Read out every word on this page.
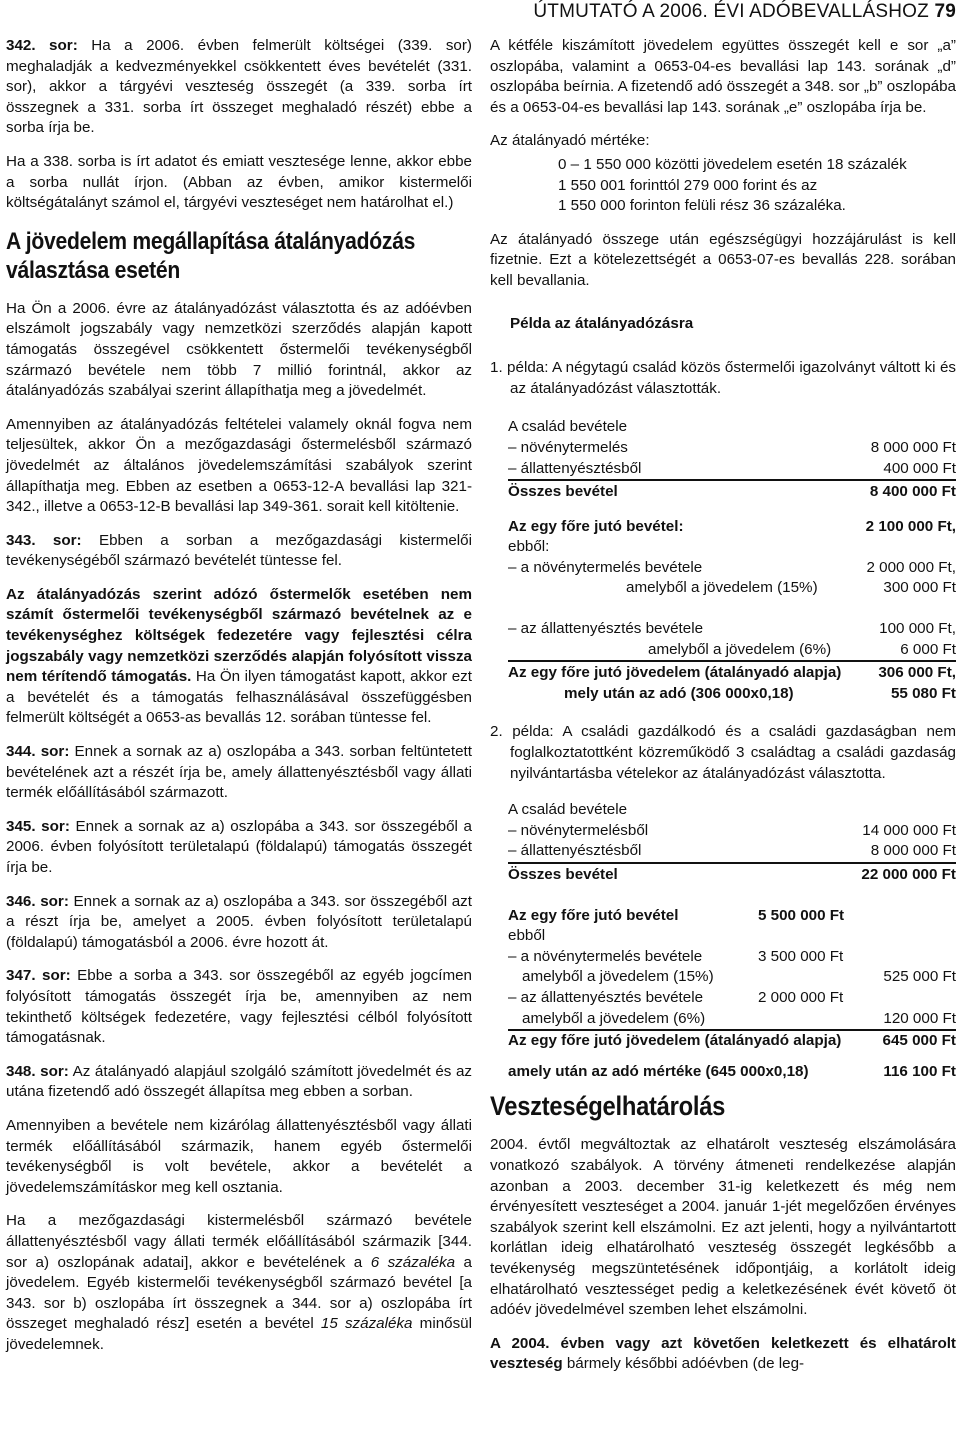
ÚTMUTATÓ A 2006. ÉVI ADÓBEVALLÁSHOZ 79

342. sor: Ha a 2006. évben felmerült költségei (339. sor) meghaladják a kedvezményekkel csökkentett éves bevételét (331. sor), akkor a tárgyévi veszteség összegét (a 339. sorba írt összegnek a 331. sorba írt összeget meghaladó részét) ebbe a sorba írja be.

Ha a 338. sorba is írt adatot és emiatt vesztesége lenne, akkor ebbe a sorba nullát írjon. (Abban az évben, amikor kistermelői költségátalányt számol el, tárgyévi veszteséget nem határolhat el.)

A jövedelem megállapítása átalányadózás választása esetén

Ha Ön a 2006. évre az átalányadózást választotta és az adóévben elszámolt jogszabály vagy nemzetközi szerződés alapján kapott támogatás összegével csökkentett őstermelői tevékenységből származó bevétele nem több 7 millió forintnál, akkor az átalányadózás szabályai szerint állapíthatja meg a jövedelmét.

Amennyiben az átalányadózás feltételei valamely oknál fogva nem teljesültek, akkor Ön a mezőgazdasági őstermelésből származó jövedelmét az általános jövedelemszámítási szabályok szerint állapíthatja meg. Ebben az esetben a 0653-12-A bevallási lap 321-342., illetve a 0653-12-B bevallási lap 349-361. sorait kell kitöltenie.

343. sor: Ebben a sorban a mezőgazdasági kistermelői tevékenységéből származó bevételét tüntesse fel.

Az átalányadózás szerint adózó őstermelők esetében nem számít őstermelői tevékenységből származó bevételnek az e tevékenységhez költségek fedezetére vagy fejlesztési célra jogszabály vagy nemzetközi szerződés alapján folyósított vissza nem térítendő támogatás. Ha Ön ilyen támogatást kapott, akkor ezt a bevételét és a támogatás felhasználásával összefüggésben felmerült költségét a 0653-as bevallás 12. sorában tüntesse fel.

344. sor: Ennek a sornak az a) oszlopába a 343. sorban feltüntetett bevételének azt a részét írja be, amely állattenyésztésből vagy állati termék előállításából származott.

345. sor: Ennek a sornak az a) oszlopába a 343. sor összegéből a 2006. évben folyósított területalapú (földalapú) támogatás összegét írja be.

346. sor: Ennek a sornak az a) oszlopába a 343. sor összegéből azt a részt írja be, amelyet a 2005. évben folyósított területalapú (földalapú) támogatásból a 2006. évre hozott át.

347. sor: Ebbe a sorba a 343. sor összegéből az egyéb jogcímen folyósított támogatás összegét írja be, amennyiben az nem tekinthető költségek fedezetére, vagy fejlesztési célból folyósított támogatásnak.

348. sor: Az átalányadó alapjául szolgáló számított jövedelmét és az utána fizetendő adó összegét állapítsa meg ebben a sorban.

Amennyiben a bevétele nem kizárólag állattenyésztésből vagy állati termék előállításából származik, hanem egyéb őstermelői tevékenységből is volt bevétele, akkor a bevételét a jövedelemszámításkor meg kell osztania.

Ha a mezőgazdasági kistermelésből származó bevétele állattenyésztésből vagy állati termék előállításából származik [344. sor a) oszlopának adatai], akkor e bevételének a 6 százaléka a jövedelem. Egyéb kistermelői tevékenységből származó bevétel [a 343. sor b) oszlopába írt összegnek a 344. sor a) oszlopába írt összeget meghaladó rész] esetén a bevétel 15 százaléka minősül jövedelemnek.

A kétféle kiszámított jövedelem együttes összegét kell e sor „a” oszlopába, valamint a 0653-04-es bevallási lap 143. sorának „d” oszlopába beírnia. A fizetendő adó összegét a 348. sor „b” oszlopába és a 0653-04-es bevallási lap 143. sorának „e” oszlopába írja be.

Az átalányadó mértéke:

0 – 1 550 000 közötti jövedelem esetén 18 százalék
1 550 001 forinttól 279 000 forint és az
1 550 000 forinton felüli rész 36 százaléka.

Az átalányadó összege után egészségügyi hozzájárulást is kell fizetnie. Ezt a kötelezettségét a 0653-07-es bevallás 228. sorában kell bevallania.

Példa az átalányadózásra

1. példa: A négytagú család közös őstermelői igazolványt váltott ki és az átalányadózást választották.

A család bevétele
– növénytermelés	8 000 000 Ft
– állattenyésztésből	400 000 Ft
Összes bevétel	8 400 000 Ft
Az egy főre jutó bevétel:	2 100 000 Ft,
ebből:
– a növénytermelés bevétele	2 000 000 Ft,
amelyből a jövedelem (15%)	300 000 Ft
– az állattenyésztés bevétele	100 000 Ft,
amelyből a jövedelem (6%)	6 000 Ft
Az egy főre jutó jövedelem (átalányadó alapja) 306 000 Ft,
mely után az adó (306 000x0,18)	55 080 Ft

2. példa: A családi gazdálkodó és a családi gazdaságban nem foglalkoztatottként közreműködő 3 családtag a családi gazdaság nyilvántartásba vételekor az átalányadózást választotta.

A család bevétele
– növénytermelésből	14 000 000 Ft
– állattenyésztésből	8 000 000 Ft
Összes bevétel	22 000 000 Ft
Az egy főre jutó bevétel	5 500 000 Ft	
ebből		
– a növénytermelés bevétele	3 500 000 Ft	
amelyből a jövedelem (15%)		525 000 Ft
– az állattenyésztés bevétele	2 000 000 Ft	
amelyből a jövedelem (6%)		120 000 Ft
Az egy főre jutó jövedelem (átalányadó alapja)	645 000 Ft
amely után az adó mértéke (645 000x0,18)	116 100 Ft
Veszteségelhatárolás

2004. évtől megváltoztak az elhatárolt veszteség elszámolására vonatkozó szabályok. A törvény átmeneti rendelkezése alapján azonban a 2003. december 31-ig keletkezett és még nem érvényesített veszteséget a 2004. január 1-jét megelőzően érvényes szabályok szerint kell elszámolni. Ez azt jelenti, hogy a nyilvántartott korlátlan ideig elhatárolható veszteség összegét legkésőbb a tevékenység megszüntetésének időpontjáig, a korlátolt ideig elhatárolható vesztességet pedig a keletkezésének évét követő öt adóév jövedelmével szemben lehet elszámolni.

A 2004. évben vagy azt követően keletkezett és elhatárolt veszteség bármely későbbi adóévben (de leg-
